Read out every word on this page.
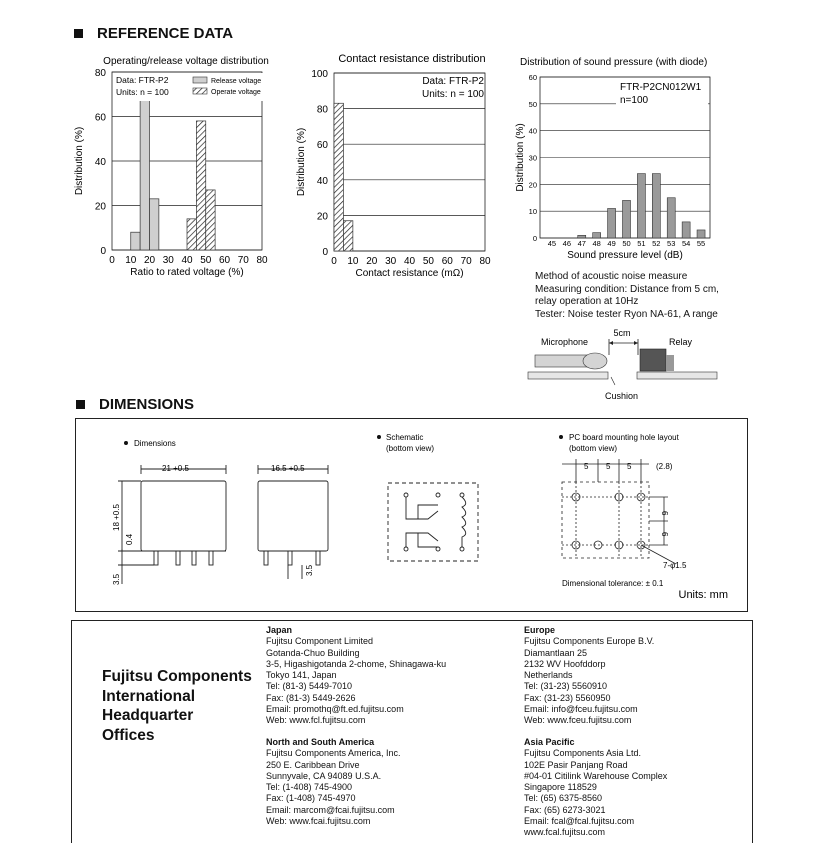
REFERENCE DATA
Operating/release voltage distribution
0
20
40
60
80
0 10 20 30 40 50 60 70 80
Ratio to rated voltage (%)
Distribution (%)
Data: FTR-P2
Units: n = 100
Release voltage
Operate voltage
Contact resistance distribution
0
20
40
60
80
100
0 10 20 30 40 50 60 70 80
Contact resistance (mΩ)
Distribution (%)
Data: FTR-P2
Units: n = 100
Distribution of sound pressure (with diode)
0
10
20
30
40
50
60
45 46 47 48 49 50 51 52 53 54 55
FTR-P2CN012W1
n=100
Sound pressure level (dB)
Distribution (%)
Method of acoustic noise measure
Measuring condition: Distance from 5 cm,
relay operation at 10Hz
Tester: Noise tester Ryon NA-61, A range
5cm
Microphone	Relay
Cushion
DIMENSIONS
Dimensions
Schematic
(bottom view)
PC board mounting hole layout
(bottom view)
21 +0.5
18 +0.5
0.4
3.5
16.5 +0.5
3.5
5 5 5	(2.8)
6
6
7-φ1.5
Dimensional tolerance: ± 0.1
Units: mm
Fujitsu Components
International
Headquarter
Offices
Japan
Fujitsu Component Limited
Gotanda-Chuo Building
3-5, Higashigotanda 2-chome, Shinagawa-ku
Tokyo 141, Japan
Tel: (81-3) 5449-7010
Fax: (81-3) 5449-2626
Email: promothq@ft.ed.fujitsu.com
Web: www.fcl.fujitsu.com
North and South America
Fujitsu Components America, Inc.
250 E. Caribbean Drive
Sunnyvale, CA 94089 U.S.A.
Tel: (1-408) 745-4900
Fax: (1-408) 745-4970
Email: marcom@fcai.fujitsu.com
Web: www.fcai.fujitsu.com
Europe
Fujitsu Components Europe B.V.
Diamantlaan 25
2132 WV Hoofddorp
Netherlands
Tel: (31-23) 5560910
Fax: (31-23) 5560950
Email: info@fceu.fujitsu.com
Web: www.fceu.fujitsu.com
Asia Pacific
Fujitsu Components Asia Ltd.
102E Pasir Panjang Road
#04-01 Citilink Warehouse Complex
Singapore 118529
Tel: (65) 6375-8560
Fax: (65) 6273-3021
Email: fcal@fcal.fujitsu.com
www.fcal.fujitsu.com
